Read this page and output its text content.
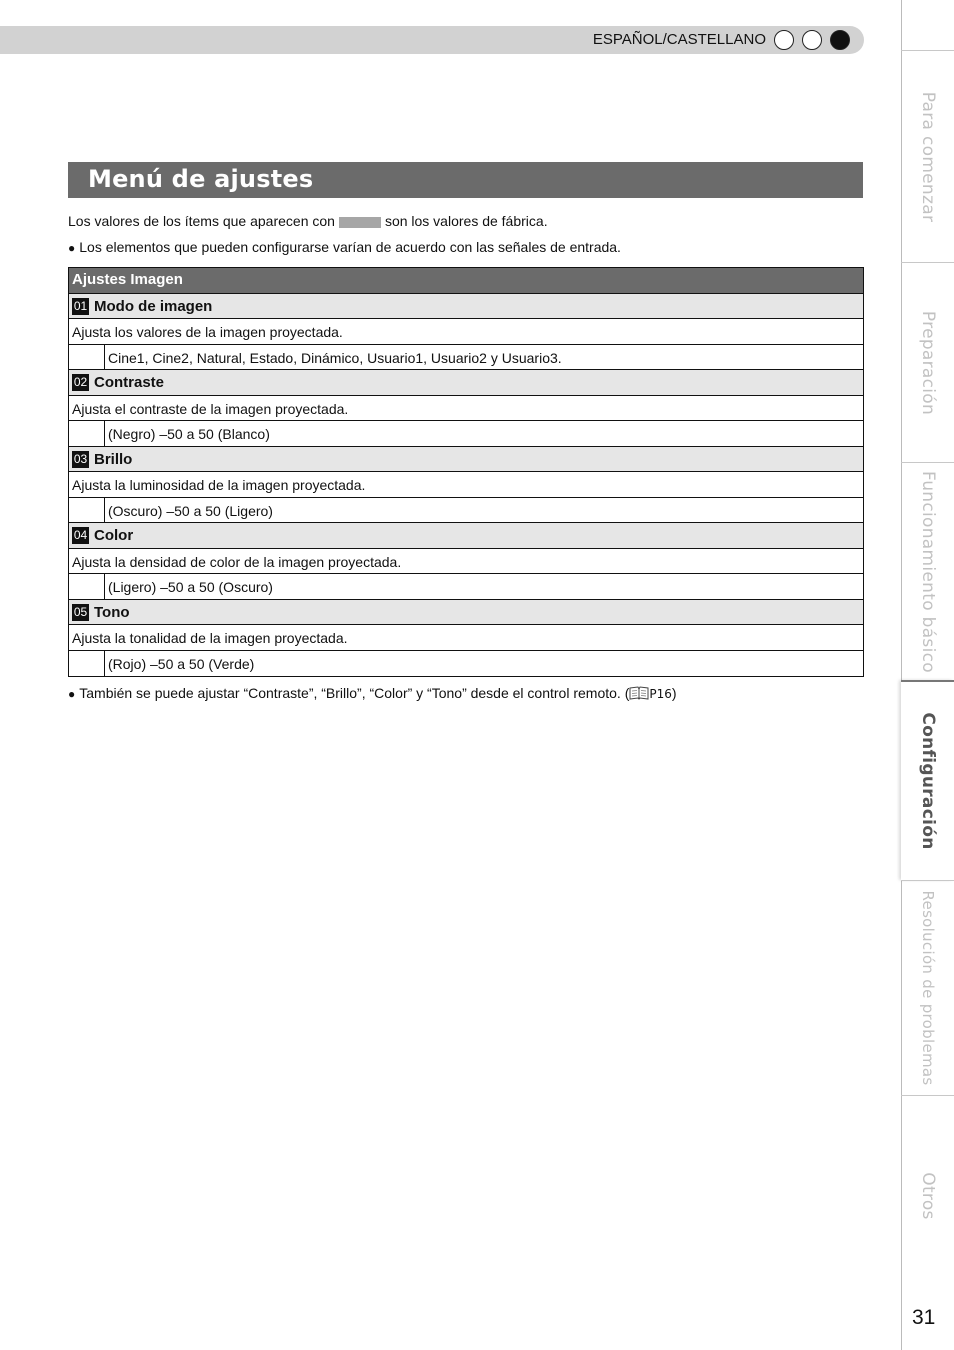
ESPAÑOL/CASTELLANO
Menú de ajustes
Los valores de los ítems que aparecen con	son los valores de fábrica.
● Los elementos que pueden configurarse varían de acuerdo con las señales de entrada.
Ajustes Imagen
01 Modo de imagen
Ajusta los valores de la imagen proyectada.
Cine1, Cine2, Natural, Estado, Dinámico, Usuario1, Usuario2 y Usuario3.
02 Contraste
Ajusta el contraste de la imagen proyectada.
(Negro) –50 a 50 (Blanco)
03 Brillo
Ajusta la luminosidad de la imagen proyectada.
(Oscuro) –50 a 50 (Ligero)
04 Color
Ajusta la densidad de color de la imagen proyectada.
(Ligero) –50 a 50 (Oscuro)
05 Tono
Ajusta la tonalidad de la imagen proyectada.
(Rojo) –50 a 50 (Verde)
● También se puede ajustar “Contraste”, “Brillo”, “Color” y “Tono” desde el control remoto. ( P16)
Para comenzar
Preparación
Funcionamiento básico
Configuración
Resolución de problemas
Otros
31
